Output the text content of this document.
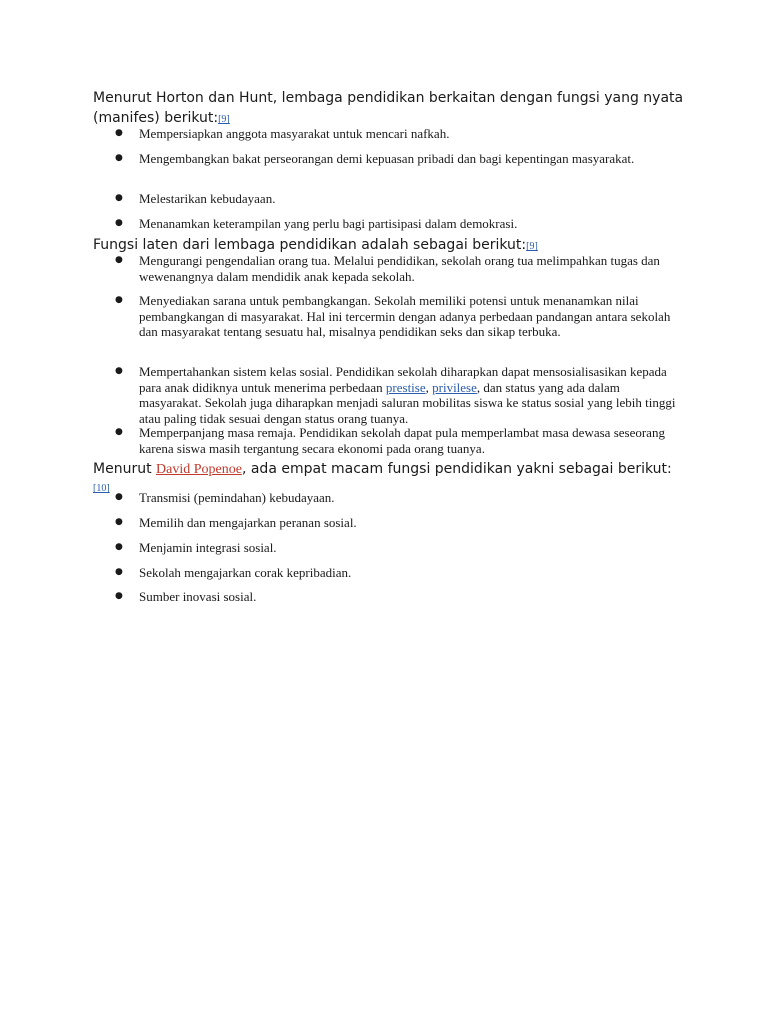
Menurut Horton dan Hunt, lembaga pendidikan berkaitan dengan fungsi yang nyata
(manifes) berikut:[9]
● Mempersiapkan anggota masyarakat untuk mencari nafkah.
● Mengembangkan bakat perseorangan demi kepuasan pribadi dan bagi kepentingan masyarakat.
● Melestarikan kebudayaan.
● Menanamkan keterampilan yang perlu bagi partisipasi dalam demokrasi.
Fungsi laten dari lembaga pendidikan adalah sebagai berikut:[9]
● Mengurangi pengendalian orang tua. Melalui pendidikan, sekolah orang tua melimpahkan tugas dan wewenangnya dalam mendidik anak kepada sekolah.
● Menyediakan sarana untuk pembangkangan. Sekolah memiliki potensi untuk menanamkan nilai pembangkangan di masyarakat. Hal ini tercermin dengan adanya perbedaan pandangan antara sekolah dan masyarakat tentang sesuatu hal, misalnya pendidikan seks dan sikap terbuka.
● Mempertahankan sistem kelas sosial. Pendidikan sekolah diharapkan dapat mensosialisasikan kepada para anak didiknya untuk menerima perbedaan prestise, privilese, dan status yang ada dalam masyarakat. Sekolah juga diharapkan menjadi saluran mobilitas siswa ke status sosial yang lebih tinggi atau paling tidak sesuai dengan status orang tuanya.
● Memperpanjang masa remaja. Pendidikan sekolah dapat pula memperlambat masa dewasa seseorang karena siswa masih tergantung secara ekonomi pada orang tuanya.
Menurut David Popenoe, ada empat macam fungsi pendidikan yakni sebagai berikut:
[10]
● Transmisi (pemindahan) kebudayaan.
● Memilih dan mengajarkan peranan sosial.
● Menjamin integrasi sosial.
● Sekolah mengajarkan corak kepribadian.
● Sumber inovasi sosial.
